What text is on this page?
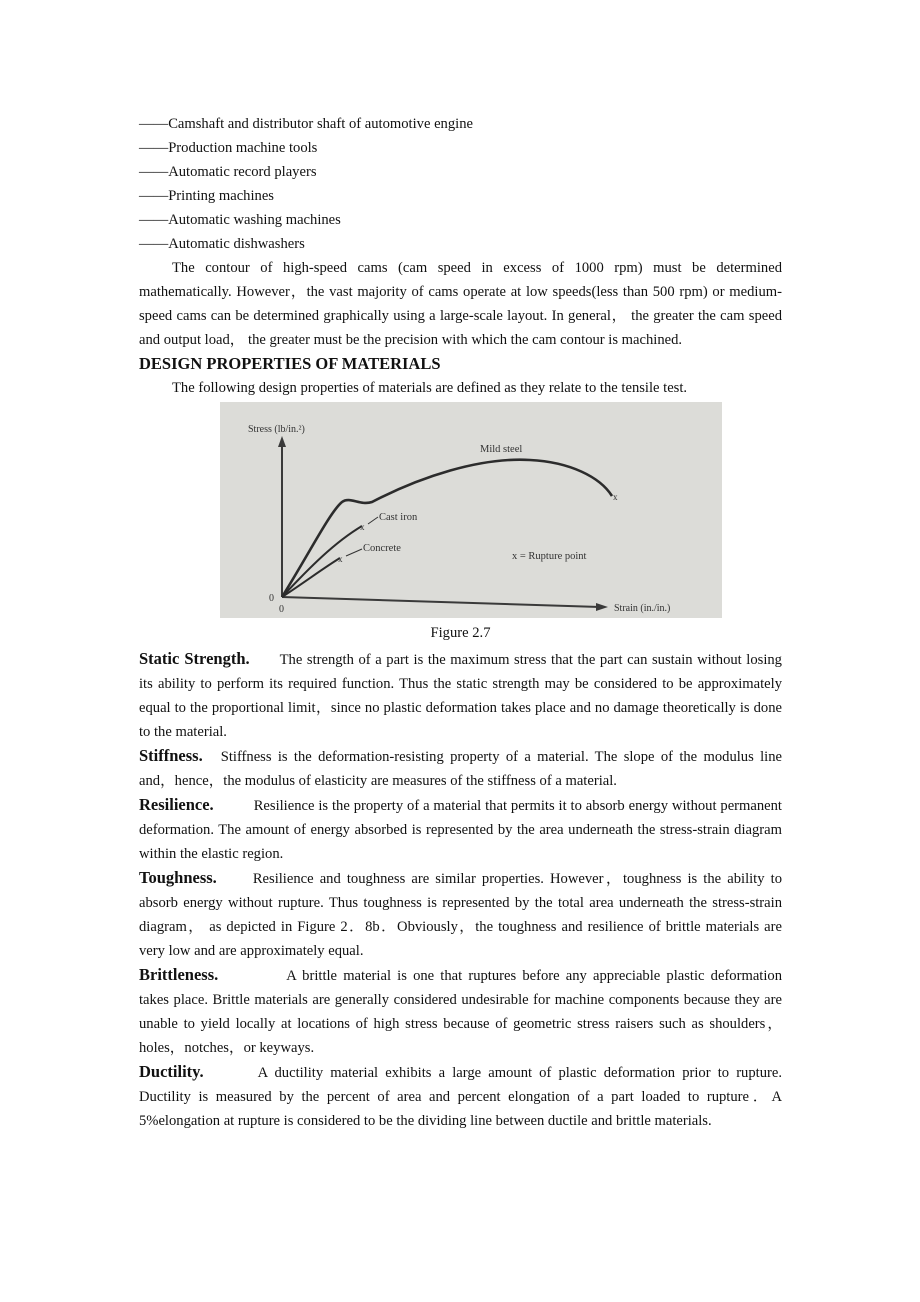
——Camshaft and distributor shaft of automotive engine
——Production machine tools
——Automatic record players
——Printing machines
——Automatic washing machines
——Automatic dishwashers

The contour of high-speed cams (cam speed in excess of 1000 rpm) must be determined mathematically. However，the vast majority of cams operate at low speeds(less than 500 rpm) or medium-speed cams can be determined graphically using a large-scale layout. In general， the greater the cam speed and output load， the greater must be the precision with which the cam contour is machined.

DESIGN PROPERTIES OF MATERIALS

The following design properties of materials are defined as they relate to the tensile test.

Stress (lb/in.²)
Strain (in./in.)
0
0
x
x
x
Mild steel
Cast iron
Concrete
x = Rupture point
Figure 2.7

Static Strength. The strength of a part is the maximum stress that the part can sustain without losing its ability to perform its required function. Thus the static strength may be considered to be approximately equal to the proportional limit，since no plastic deformation takes place and no damage theoretically is done to the material.

Stiffness. Stiffness is the deformation-resisting property of a material. The slope of the modulus line and，hence，the modulus of elasticity are measures of the stiffness of a material.

Resilience.	Resilience is the property of a material that permits it to absorb energy without permanent deformation. The amount of energy absorbed is represented by the area underneath the stress-strain diagram within the elastic region.

Toughness. Resilience and toughness are similar properties. However，toughness is the ability to absorb energy without rupture. Thus toughness is represented by the total area underneath the stress-strain diagram， as depicted in Figure 2．8b．Obviously，the toughness and resilience of brittle materials are very low and are approximately equal.

Brittleness.	A brittle material is one that ruptures before any appreciable plastic deformation takes place. Brittle materials are generally considered undesirable for machine components because they are unable to yield locally at locations of high stress because of geometric stress raisers such as shoulders，holes，notches，or keyways.

Ductility.	A ductility material exhibits a large amount of plastic deformation prior to rupture. Ductility is measured by the percent of area and percent elongation of a part loaded to rupture．A 5%elongation at rupture is considered to be the dividing line between ductile and brittle materials.
